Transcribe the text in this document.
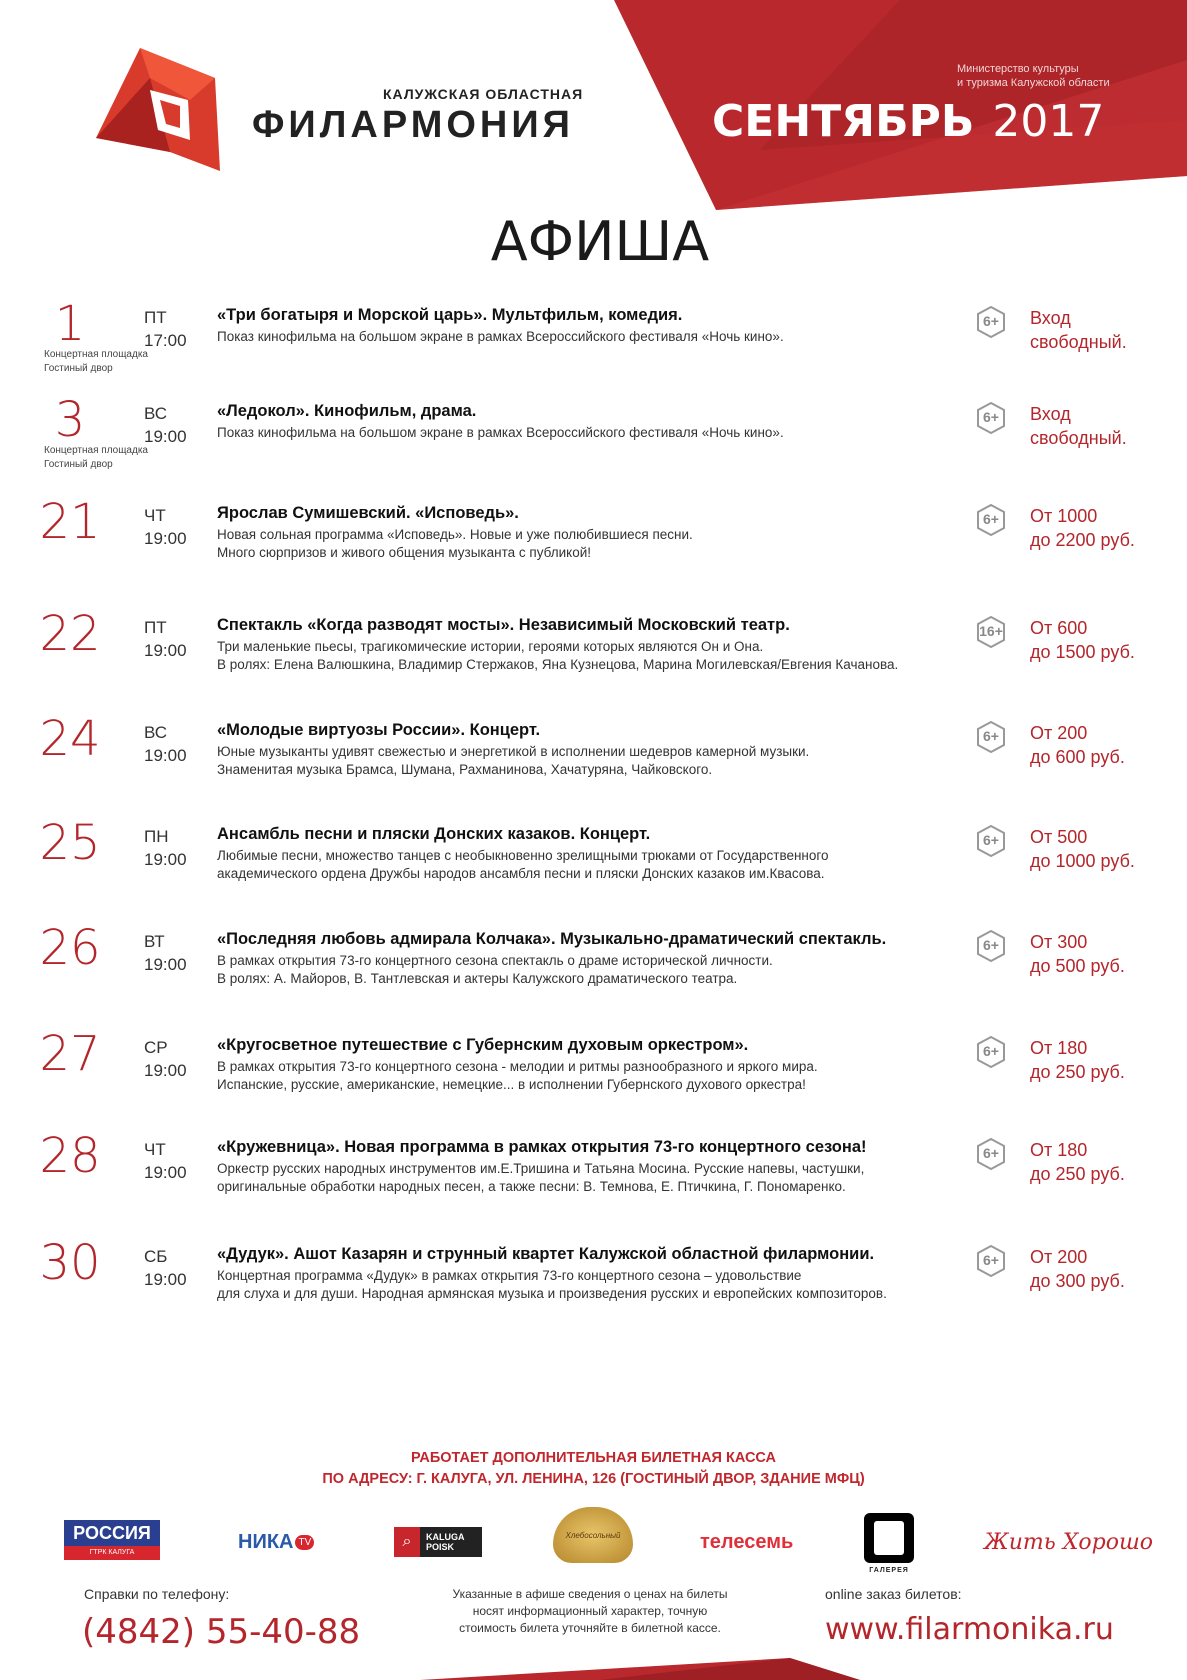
КАЛУЖСКАЯ ОБЛАСТНАЯ
ФИЛАРМОНИЯ
Министерство культуры
и туризма Калужской области
СЕНТЯБРЬ 2017
АФИША
1	ПТ
17:00
Концертная площадка
Гостиный двор
«Три богатыря и Морской царь». Мультфильм, комедия.
Показ кинофильма на большом экране в рамках Всероссийского фестиваля «Ночь кино».
6+	Вход
свободный.
3	ВС
19:00
Концертная площадка
Гостиный двор
«Ледокол». Кинофильм, драма.
Показ кинофильма на большом экране в рамках Всероссийского фестиваля «Ночь кино».
6+	Вход
свободный.
21	ЧТ
19:00
Ярослав Сумишевский. «Исповедь».
Новая сольная программа «Исповедь». Новые и уже полюбившиеся песни.
Много сюрпризов и живого общения музыканта с публикой!
6+	От 1000
до 2200 руб.
22	ПТ
19:00
Спектакль «Когда разводят мосты». Независимый Московский театр.
Три маленькие пьесы, трагикомические истории, героями которых являются Он и Она.
В ролях: Елена Валюшкина, Владимир Стержаков, Яна Кузнецова, Марина Могилевская/Евгения Качанова.
16+ От 600
до 1500 руб.
24	ВС
19:00
«Молодые виртуозы России». Концерт.
Юные музыканты удивят свежестью и энергетикой в исполнении шедевров камерной музыки.
Знаменитая музыка Брамса, Шумана, Рахманинова, Хачатуряна, Чайковского.
6+	От 200
до 600 руб.
25	ПН
19:00
Ансамбль песни и пляски Донских казаков. Концерт.
Любимые песни, множество танцев с необыкновенно зрелищными трюками от Государственного
академического ордена Дружбы народов ансамбля песни и пляски Донских казаков им.Квасова.
6+	От 500
до 1000 руб.
26	ВТ
19:00
«Последняя любовь адмирала Колчака». Музыкально-драматический спектакль.
В рамках открытия 73-го концертного сезона спектакль о драме исторической личности.
В ролях: А. Майоров, В. Тантлевская и актеры Калужского драматического театра.
6+	От 300
до 500 руб.
27	СР
19:00
«Кругосветное путешествие с Губернским духовым оркестром».
В рамках открытия 73-го концертного сезона - мелодии и ритмы разнообразного и яркого мира.
Испанские, русские, американские, немецкие... в исполнении Губернского духового оркестра!
6+	От 180
до 250 руб.
28	ЧТ
19:00
«Кружевница». Новая программа в рамках открытия 73-го концертного сезона!
Оркестр русских народных инструментов им.Е.Тришина и Татьяна Мосина. Русские напевы, частушки,
оригинальные обработки народных песен, а также песни: В. Темнова, Е. Птичкина, Г. Пономаренко.
6+	От 180
до 250 руб.
30	СБ
19:00
«Дудук». Ашот Казарян и струнный квартет Калужской областной филармонии.
Концертная программа «Дудук» в рамках открытия 73-го концертного сезона – удовольствие
для слуха и для души. Народная армянская музыка и произведения русских и европейских композиторов.
6+	От 200
до 300 руб.
РАБОТАЕТ ДОПОЛНИТЕЛЬНАЯ БИЛЕТНАЯ КАССА
ПО АДРЕСУ: Г. КАЛУГА, УЛ. ЛЕНИНА, 126 (ГОСТИНЫЙ ДВОР, ЗДАНИЕ МФЦ)
РОССИЯ
ГТРК КАЛУГА	НИКА TV	⌕	KALUGA
POISK
Хлебосольный	телесемь
ГАЛЕРЕЯ
Жить Хорошо
Справки по телефону:
(4842) 55-40-88
Указанные в афише сведения о ценах на билеты
носят информационный характер, точную
стоимость билета уточняйте в билетной кассе.
online заказ билетов:
www.filarmonika.ru
